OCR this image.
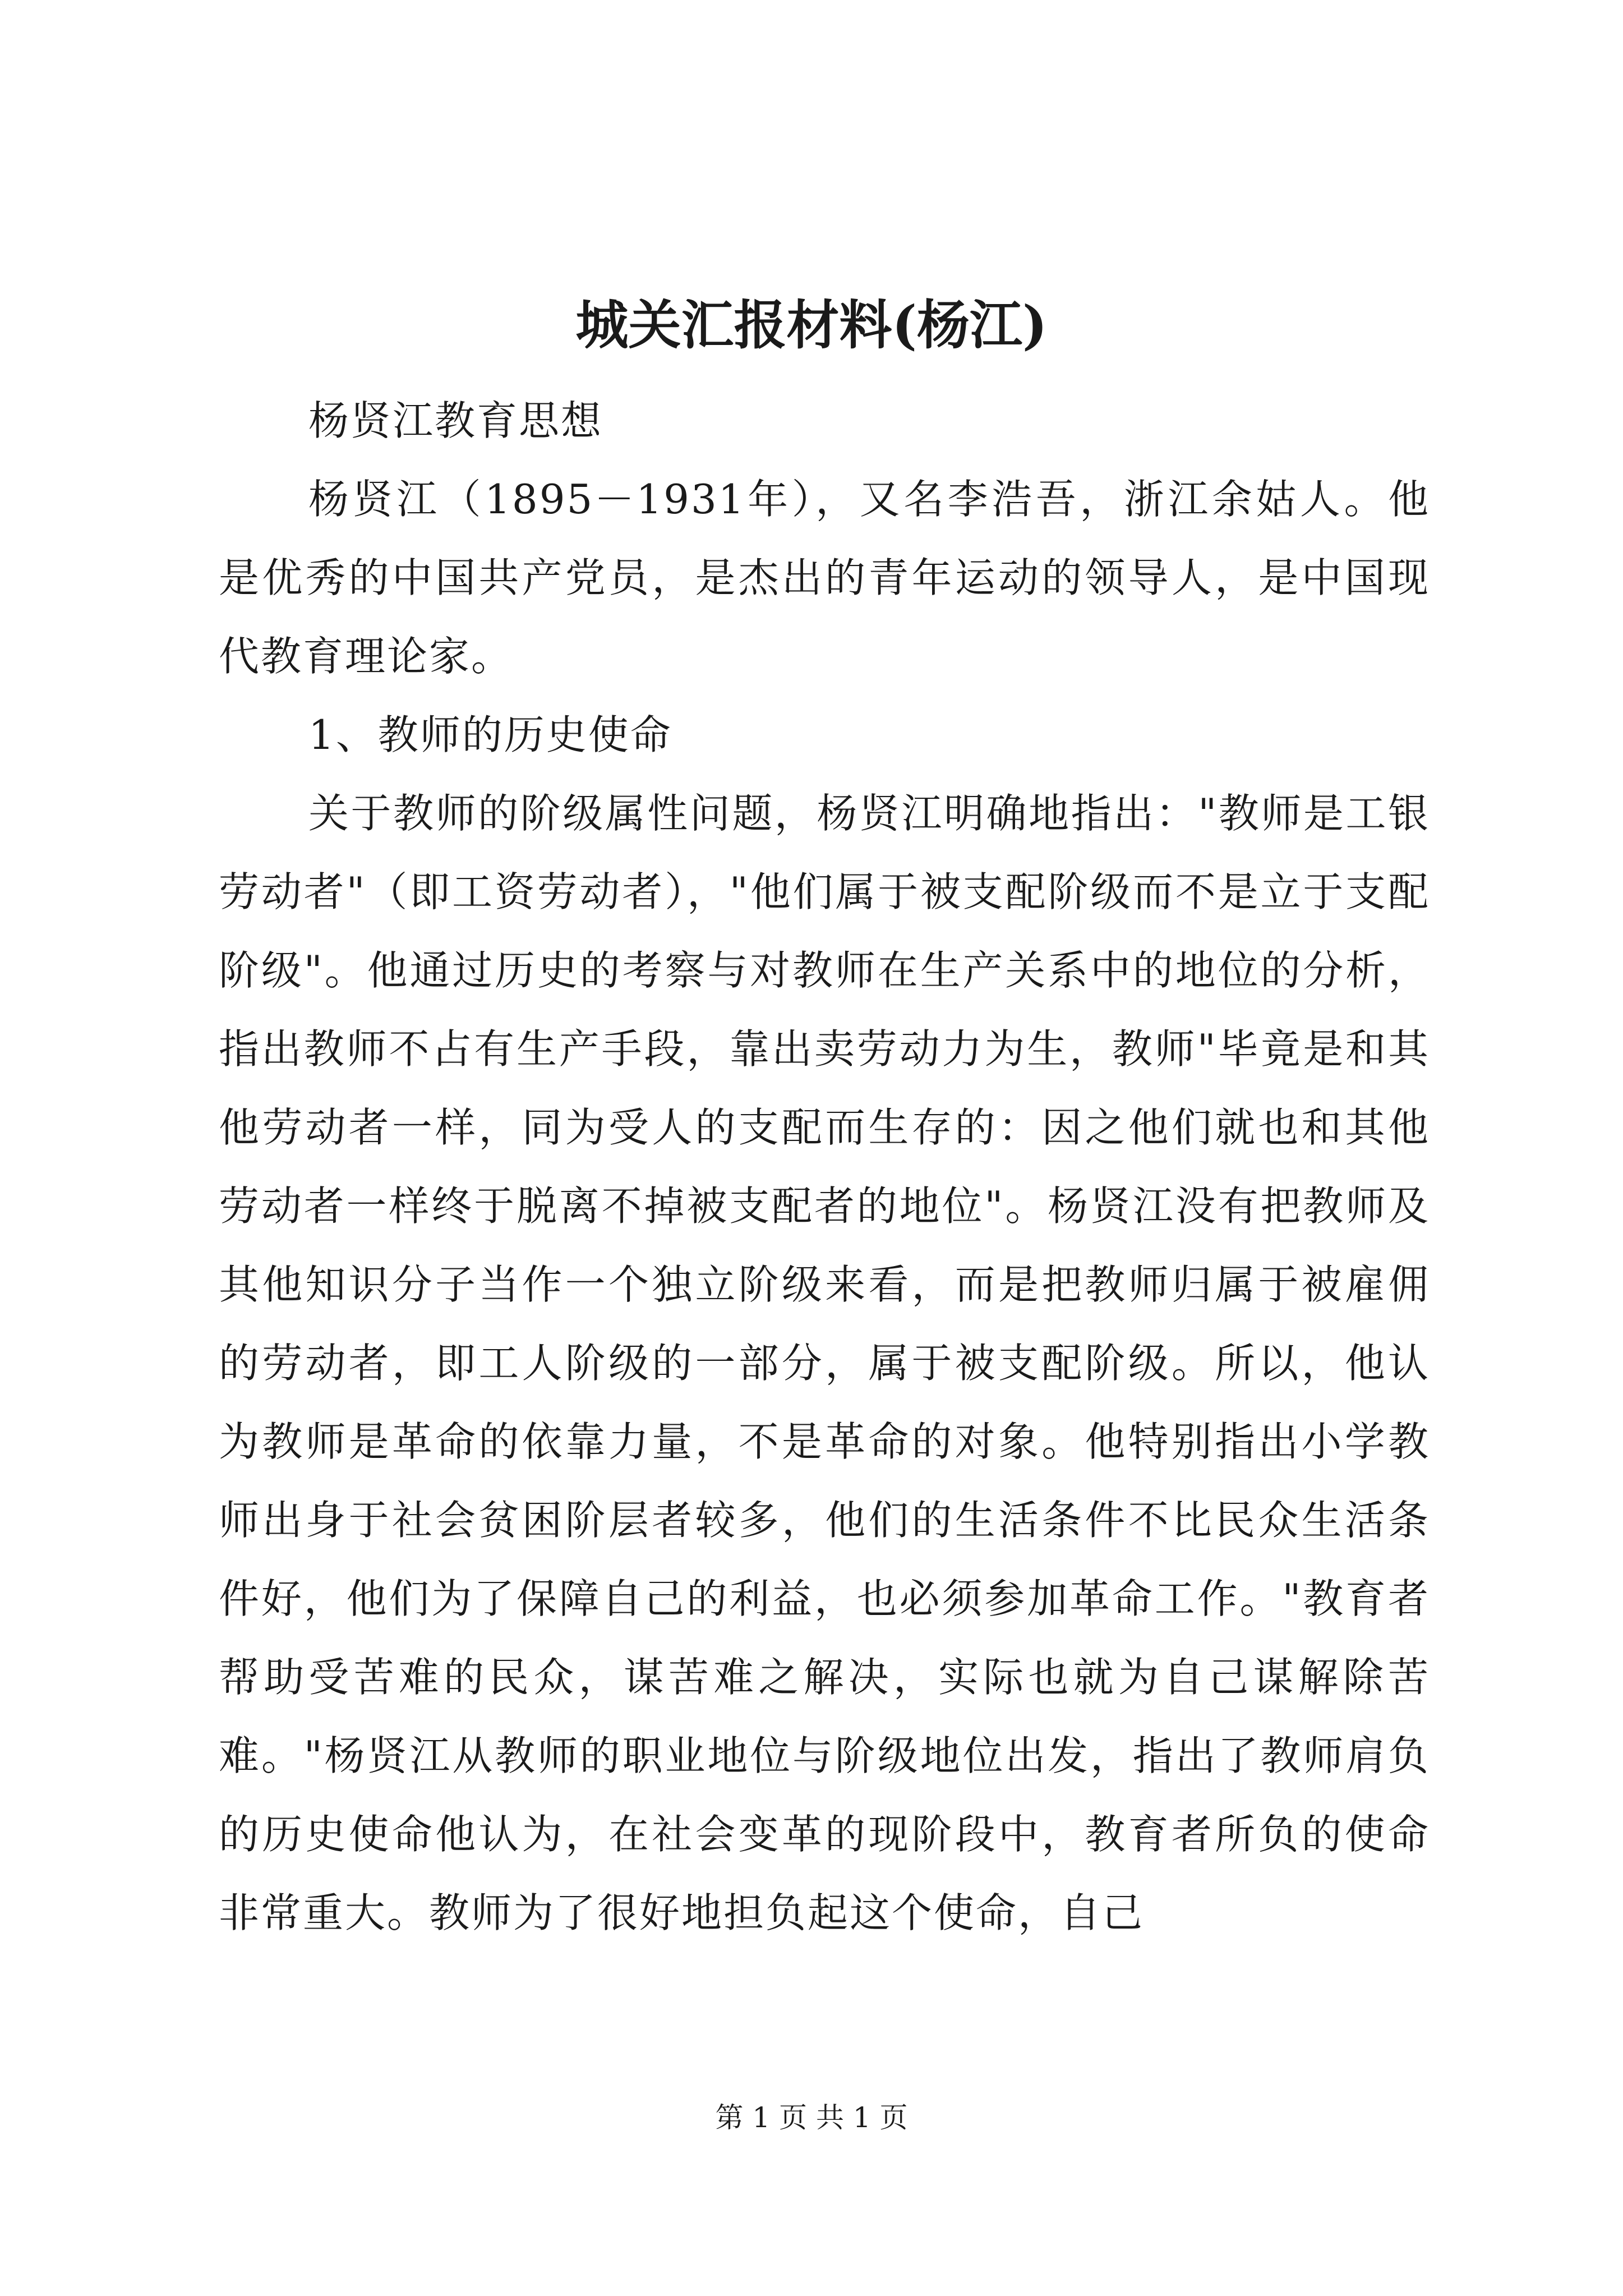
城关汇报材料(杨江)

杨贤江教育思想

杨贤江（1895－1931年），又名李浩吾，浙江余姑人。他是优秀的中国共产党员，是杰出的青年运动的领导人，是中国现代教育理论家。

1、教师的历史使命

关于教师的阶级属性问题，杨贤江明确地指出："教师是工银劳动者"（即工资劳动者），"他们属于被支配阶级而不是立于支配阶级"。他通过历史的考察与对教师在生产关系中的地位的分析，指出教师不占有生产手段，靠出卖劳动力为生，教师"毕竟是和其他劳动者一样，同为受人的支配而生存的：因之他们就也和其他劳动者一样终于脱离不掉被支配者的地位"。杨贤江没有把教师及其他知识分子当作一个独立阶级来看，而是把教师归属于被雇佣的劳动者，即工人阶级的一部分，属于被支配阶级。所以，他认为教师是革命的依靠力量，不是革命的对象。他特别指出小学教师出身于社会贫困阶层者较多，他们的生活条件不比民众生活条件好，他们为了保障自己的利益，也必须参加革命工作。"教育者帮助受苦难的民众，谋苦难之解决，实际也就为自己谋解除苦难。"杨贤江从教师的职业地位与阶级地位出发，指出了教师肩负的历史使命他认为，在社会变革的现阶段中，教育者所负的使命非常重大。教师为了很好地担负起这个使命，自己

第 1 页 共 1 页
